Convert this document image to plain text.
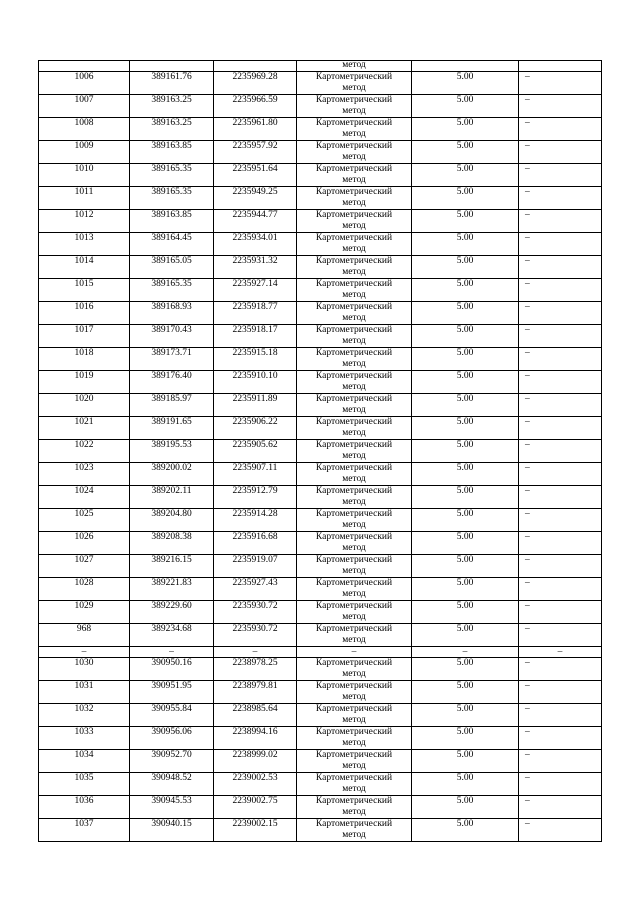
			метод		
1006	389161.76	2235969.28	Картометрический
метод	5.00	–
1007	389163.25	2235966.59	Картометрический
метод	5.00	–
1008	389163.25	2235961.80	Картометрический
метод	5.00	–
1009	389163.85	2235957.92	Картометрический
метод	5.00	–
1010	389165.35	2235951.64	Картометрический
метод	5.00	–
1011	389165.35	2235949.25	Картометрический
метод	5.00	–
1012	389163.85	2235944.77	Картометрический
метод	5.00	–
1013	389164.45	2235934.01	Картометрический
метод	5.00	–
1014	389165.05	2235931.32	Картометрический
метод	5.00	–
1015	389165.35	2235927.14	Картометрический
метод	5.00	–
1016	389168.93	2235918.77	Картометрический
метод	5.00	–
1017	389170.43	2235918.17	Картометрический
метод	5.00	–
1018	389173.71	2235915.18	Картометрический
метод	5.00	–
1019	389176.40	2235910.10	Картометрический
метод	5.00	–
1020	389185.97	2235911.89	Картометрический
метод	5.00	–
1021	389191.65	2235906.22	Картометрический
метод	5.00	–
1022	389195.53	2235905.62	Картометрический
метод	5.00	–
1023	389200.02	2235907.11	Картометрический
метод	5.00	–
1024	389202.11	2235912.79	Картометрический
метод	5.00	–
1025	389204.80	2235914.28	Картометрический
метод	5.00	–
1026	389208.38	2235916.68	Картометрический
метод	5.00	–
1027	389216.15	2235919.07	Картометрический
метод	5.00	–
1028	389221.83	2235927.43	Картометрический
метод	5.00	–
1029	389229.60	2235930.72	Картометрический
метод	5.00	–
968	389234.68	2235930.72	Картометрический
метод	5.00	–
–	–	–	–	–	–
1030	390950.16	2238978.25	Картометрический
метод	5.00	–
1031	390951.95	2238979.81	Картометрический
метод	5.00	–
1032	390955.84	2238985.64	Картометрический
метод	5.00	–
1033	390956.06	2238994.16	Картометрический
метод	5.00	–
1034	390952.70	2238999.02	Картометрический
метод	5.00	–
1035	390948.52	2239002.53	Картометрический
метод	5.00	–
1036	390945.53	2239002.75	Картометрический
метод	5.00	–
1037	390940.15	2239002.15	Картометрический
метод	5.00	–
